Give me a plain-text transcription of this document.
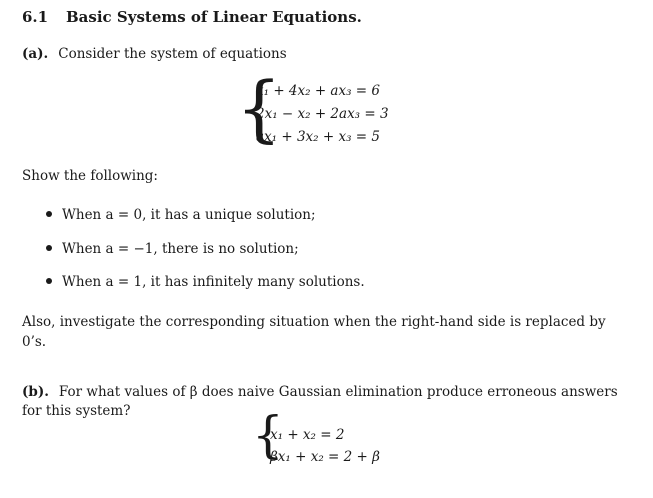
6.1 Basic Systems of Linear Equations.
(a). Consider the system of equations
{
x₁ + 4x₂ + ax₃ = 6
2x₁ − x₂ + 2ax₃ = 3
ax₁ + 3x₂ + x₃ = 5
Show the following:
When a = 0, it has a unique solution;
When a = −1, there is no solution;
When a = 1, it has infinitely many solutions.
Also, investigate the corresponding situation when the right-hand side is replaced by
0’s.
(b). For what values of β does naive Gaussian elimination produce erroneous answers
for this system? {
x₁ + x₂ = 2
βx₁ + x₂ = 2 + β
